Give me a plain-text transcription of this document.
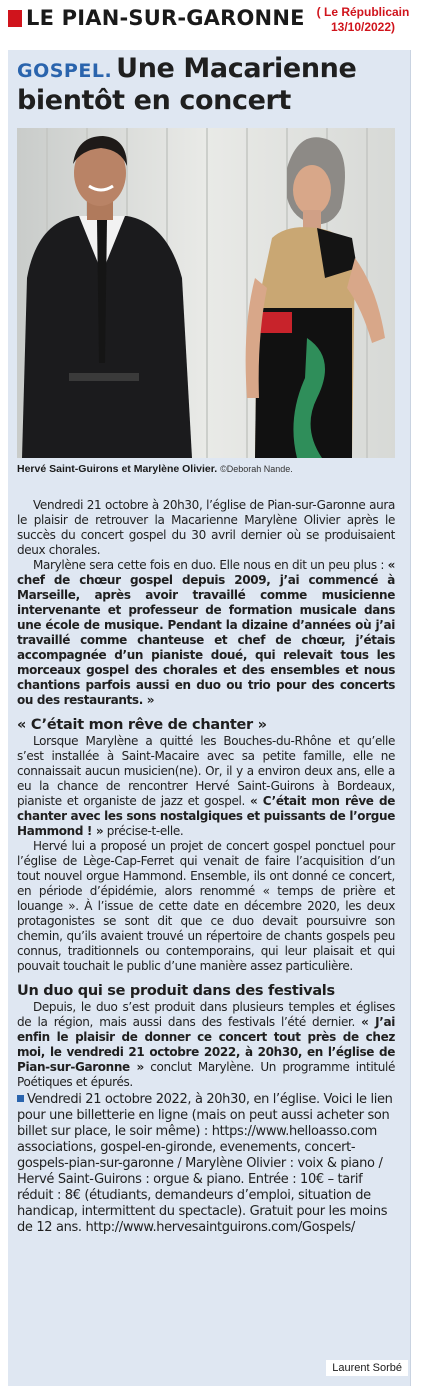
LE PIAN-SUR-GARONNE	( Le Républicain 13/10/2022)
GOSPEL. Une Macarienne bientôt en concert
Hervé Saint-Guirons et Marylène Olivier. ©Deborah Nande.

Vendredi 21 octobre à 20h30, l’église de Pian-sur-Garonne aura le plaisir de retrouver la Macarienne Marylène Olivier après le succès du concert gospel du 30 avril dernier où se produisaient deux chorales.

Marylène sera cette fois en duo. Elle nous en dit un peu plus : « chef de chœur gospel depuis 2009, j’ai commencé à Marseille, après avoir travaillé comme musicienne intervenante et professeur de formation musicale dans une école de musique. Pendant la dizaine d’années où j’ai travaillé comme chanteuse et chef de chœur, j’étais accompagnée d’un pianiste doué, qui relevait tous les morceaux gospel des chorales et des ensembles et nous chantions parfois aussi en duo ou trio pour des concerts ou des restaurants. »

« C’était mon rêve de chanter »

Lorsque Marylène a quitté les Bouches-du-Rhône et qu’elle s’est installée à Saint-Macaire avec sa petite famille, elle ne connaissait aucun musicien(ne). Or, il y a environ deux ans, elle a eu la chance de rencontrer Hervé Saint-Guirons à Bordeaux, pianiste et organiste de jazz et gospel. « C’était mon rêve de chanter avec les sons nostalgiques et puissants de l’orgue Hammond ! » précise-t-elle.

Hervé lui a proposé un projet de concert gospel ponctuel pour l’église de Lège-Cap-Ferret qui venait de faire l’acquisition d’un tout nouvel orgue Hammond. Ensemble, ils ont donné ce concert, en période d’épidémie, alors renommé « temps de prière et louange ». À l’issue de cette date en décembre 2020, les deux protagonistes se sont dit que ce duo devait poursuivre son chemin, qu’ils avaient trouvé un répertoire de chants gospels peu connus, traditionnels ou contemporains, qui leur plaisait et qui pouvait touchait le public d’une manière assez particulière.

Un duo qui se produit dans des festivals

Depuis, le duo s’est produit dans plusieurs temples et églises de la région, mais aussi dans des festivals l’été dernier. « J’ai enfin le plaisir de donner ce concert tout près de chez moi, le vendredi 21 octobre 2022, à 20h30, en l’église de Pian-sur-Garonne » conclut Marylène. Un programme intitulé Poétiques et épurés.

Vendredi 21 octobre 2022, à 20h30, en l’église. Voici le lien pour une billetterie en ligne (mais on peut aussi acheter son billet sur place, le soir même) : https://www.helloasso.com associations, gospel-en-gironde, evenements, concert-gospels-pian-sur-garonne / Marylène Olivier : voix & piano / Hervé Saint-Guirons : orgue & piano. Entrée : 10€ – tarif réduit : 8€ (étudiants, demandeurs d’emploi, situation de handicap, intermittent du spectacle). Gratuit pour les moins de 12 ans. http://www.hervesaintguirons.com/Gospels/
Laurent Sorbé
